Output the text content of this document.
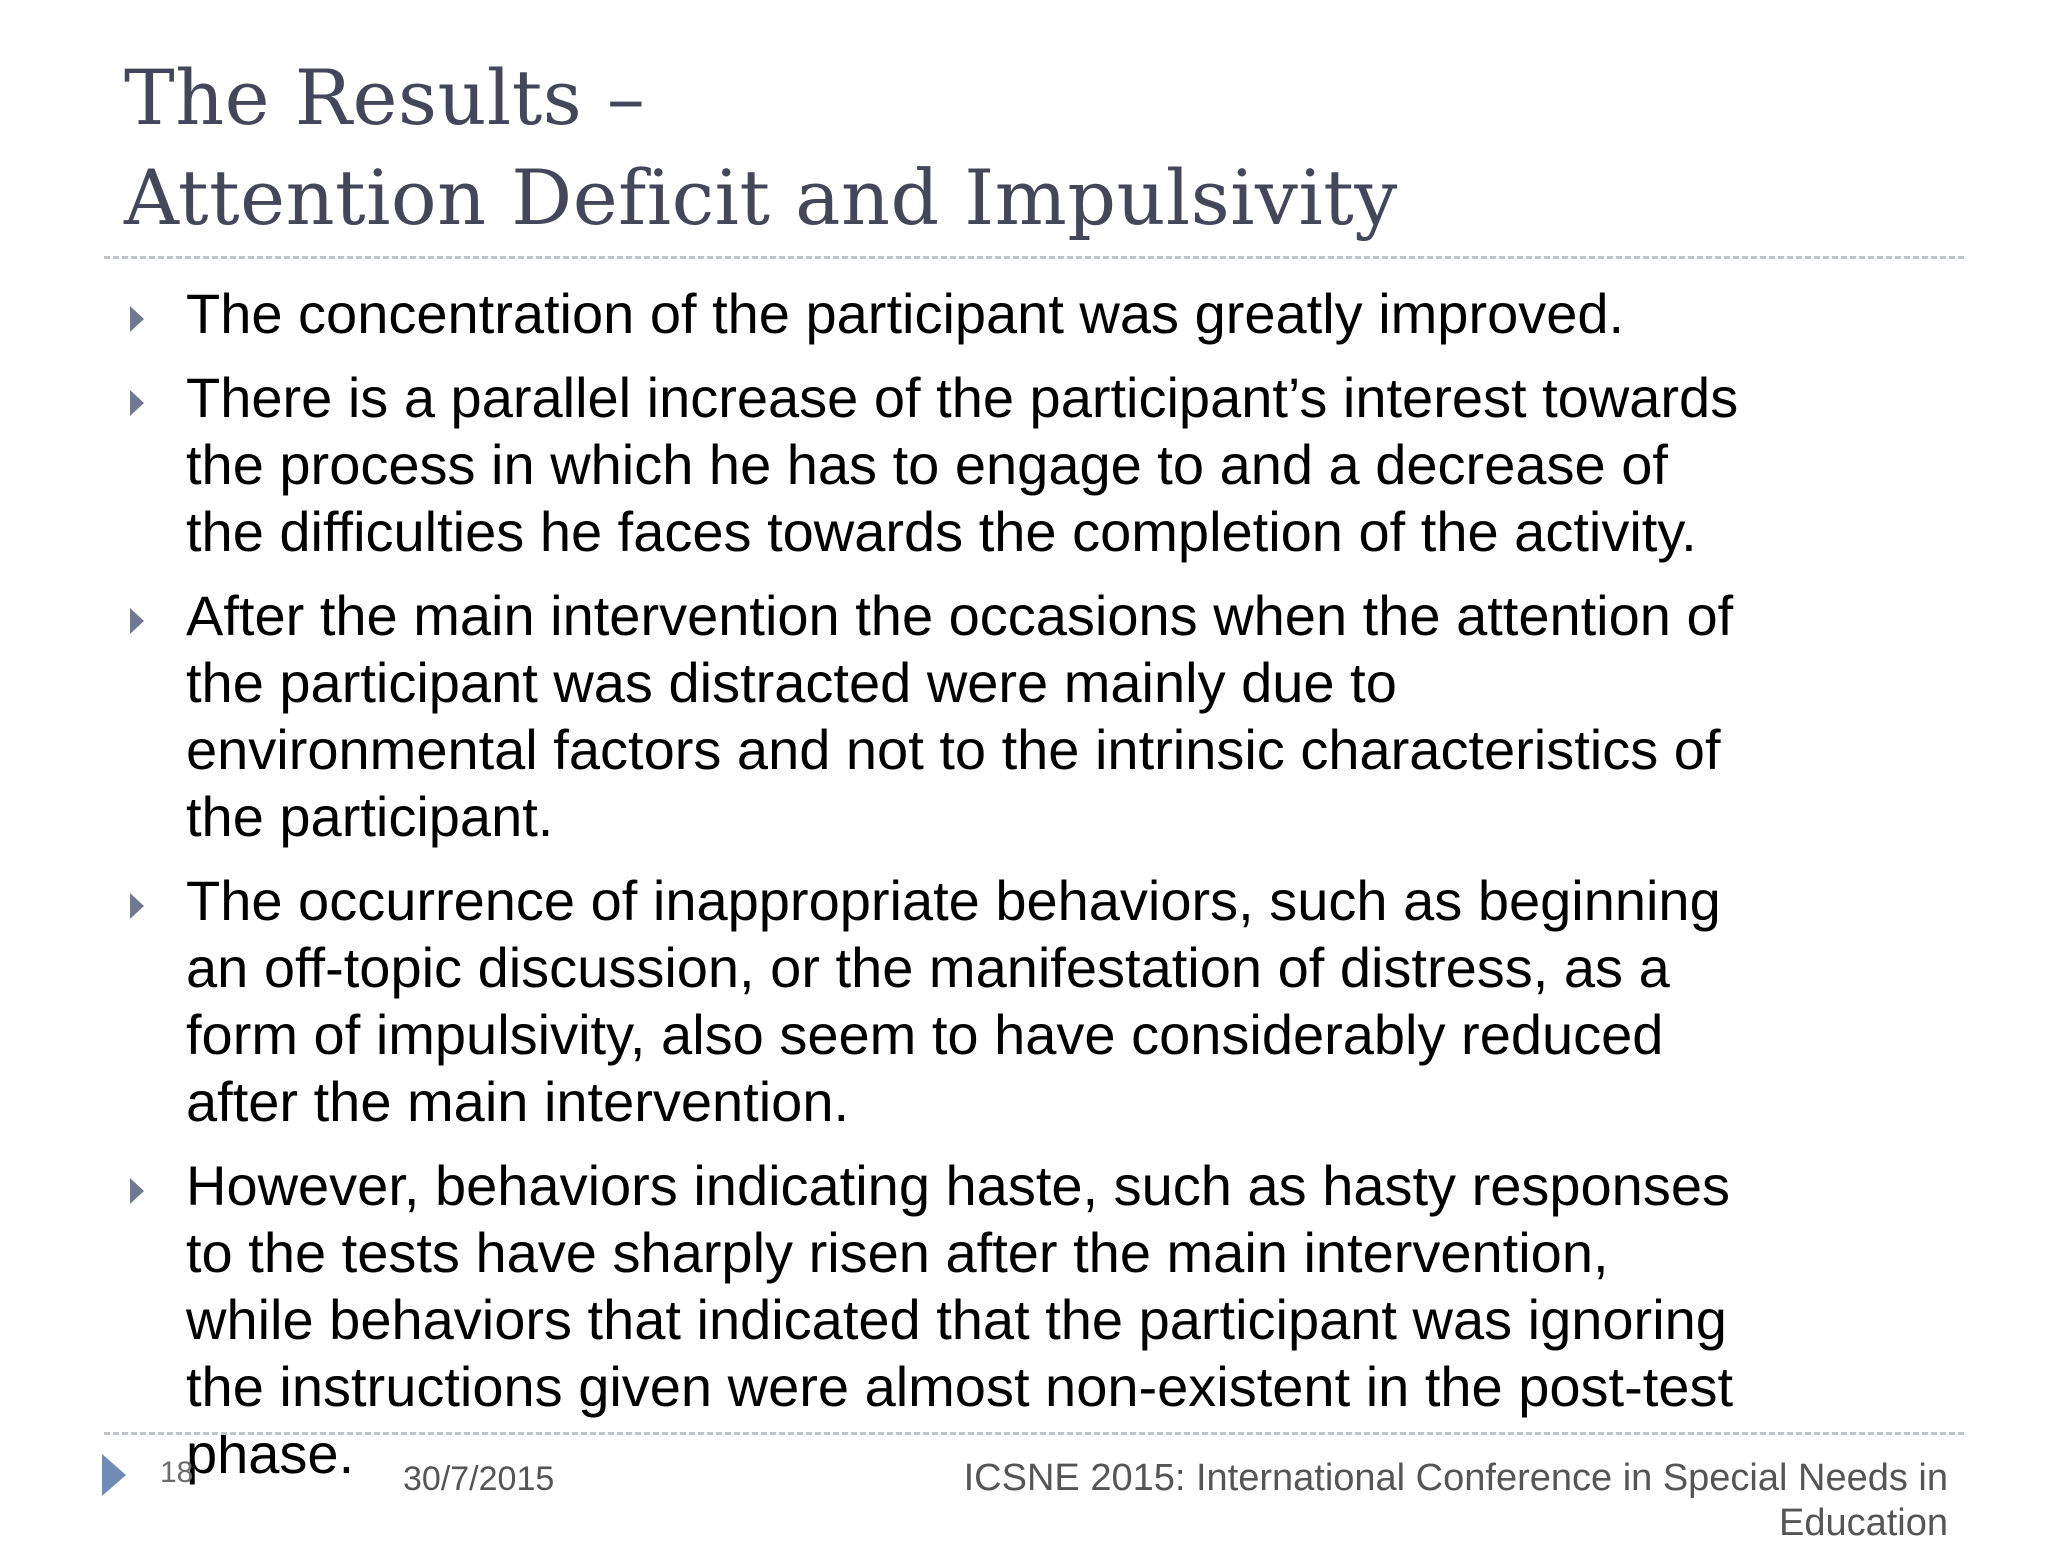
The Results –
Attention Deficit and Impulsivity
The concentration of the participant was greatly improved.
There is a parallel increase of the participant’s interest towards
the process in which he has to engage to and a decrease of
the difficulties he faces towards the completion of the activity.
After the main intervention the occasions when the attention of
the participant was distracted were mainly due to
environmental factors and not to the intrinsic characteristics of
the participant.
The occurrence of inappropriate behaviors, such as beginning
an off-topic discussion, or the manifestation of distress, as a
form of impulsivity, also seem to have considerably reduced
after the main intervention.
However, behaviors indicating haste, such as hasty responses
to the tests have sharply risen after the main intervention,
while behaviors that indicated that the participant was ignoring
the instructions given were almost non-existent in the post-test
phase.
18	30/7/2015	ICSNE 2015: International Conference in Special Needs in
Education
